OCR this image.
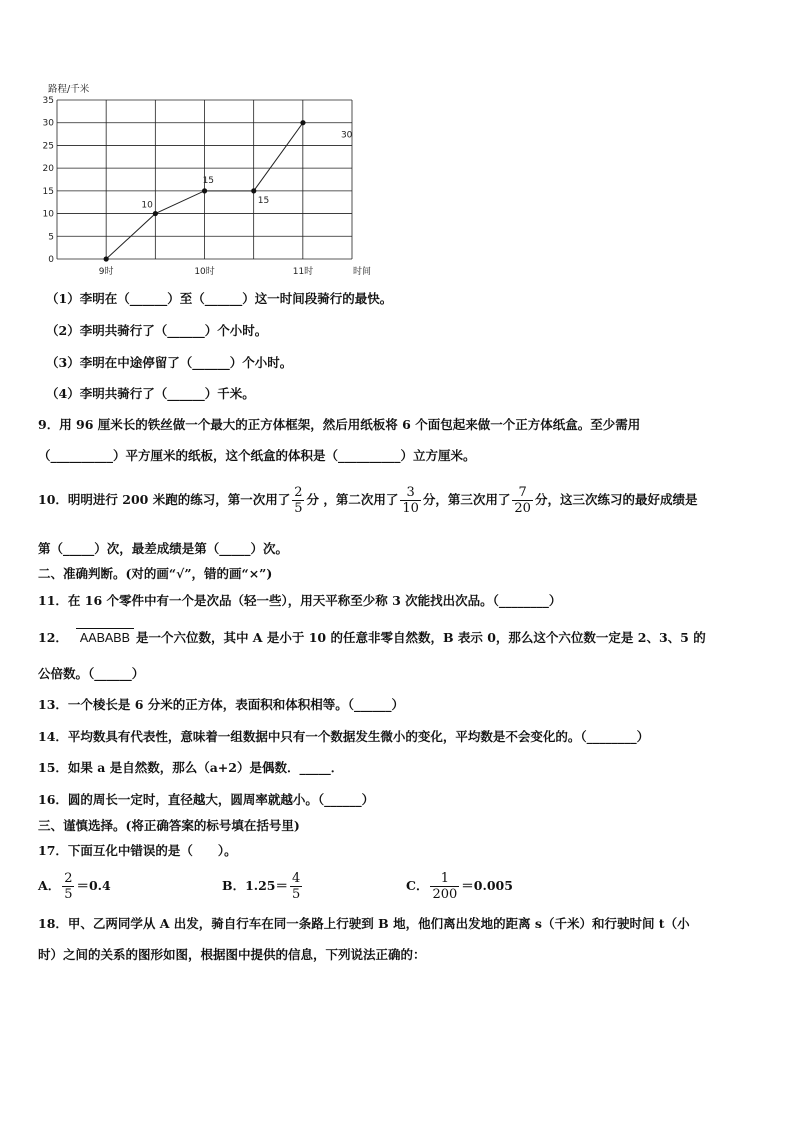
路程/千米
0
5
10
15
20
25
30
35
9时	10时	11时	时间
10
15
15
30
（1）李明在（______）至（______）这一时间段骑行的最快。
（2）李明共骑行了（______）个小时。
（3）李明在中途停留了（______）个小时。
（4）李明共骑行了（______）千米。
9．用 96 厘米长的铁丝做一个最大的正方体框架，然后用纸板将 6 个面包起来做一个正方体纸盒。至少需用
（__________）平方厘米的纸板，这个纸盒的体积是（__________）立方厘米。
10．明明进行 200 米跑的练习，第一次用了 $\frac{2}{5}$ 分 ，第二次用了 $\frac{3}{10}$ 分，第三次用了 $\frac{7}{20}$ 分，这三次练习的最好成绩是
第（_____）次，最差成绩是第（_____）次。
二、准确判断。(对的画“√”，错的画“×”)
11．在 16 个零件中有一个是次品（轻一些），用天平称至少称 3 次能找出次品。（________）
12． AABABB 是一个六位数，其中 A 是小于 10 的任意非零自然数，B 表示 0，那么这个六位数一定是 2、3、5 的
公倍数。（______）
13．一个棱长是 6 分米的正方体，表面积和体积相等。（______）
14．平均数具有代表性，意味着一组数据中只有一个数据发生微小的变化，平均数是不会变化的。（________）
15．如果 a 是自然数，那么（a+2）是偶数．_____．
16．圆的周长一定时，直径越大，圆周率就越小。（______）
三、谨慎选择。(将正确答案的标号填在括号里)
17．下面互化中错误的是（　　）。
A． $\frac{2}{5} =0.4$	B．$1.25= \frac{4}{5}$	C． $\frac{1}{200} =0.005$
18．甲、乙两同学从 A 出发，骑自行车在同一条路上行驶到 B 地，他们离出发地的距离 s（千米）和行驶时间 t（小
时）之间的关系的图形如图，根据图中提供的信息，下列说法正确的：
